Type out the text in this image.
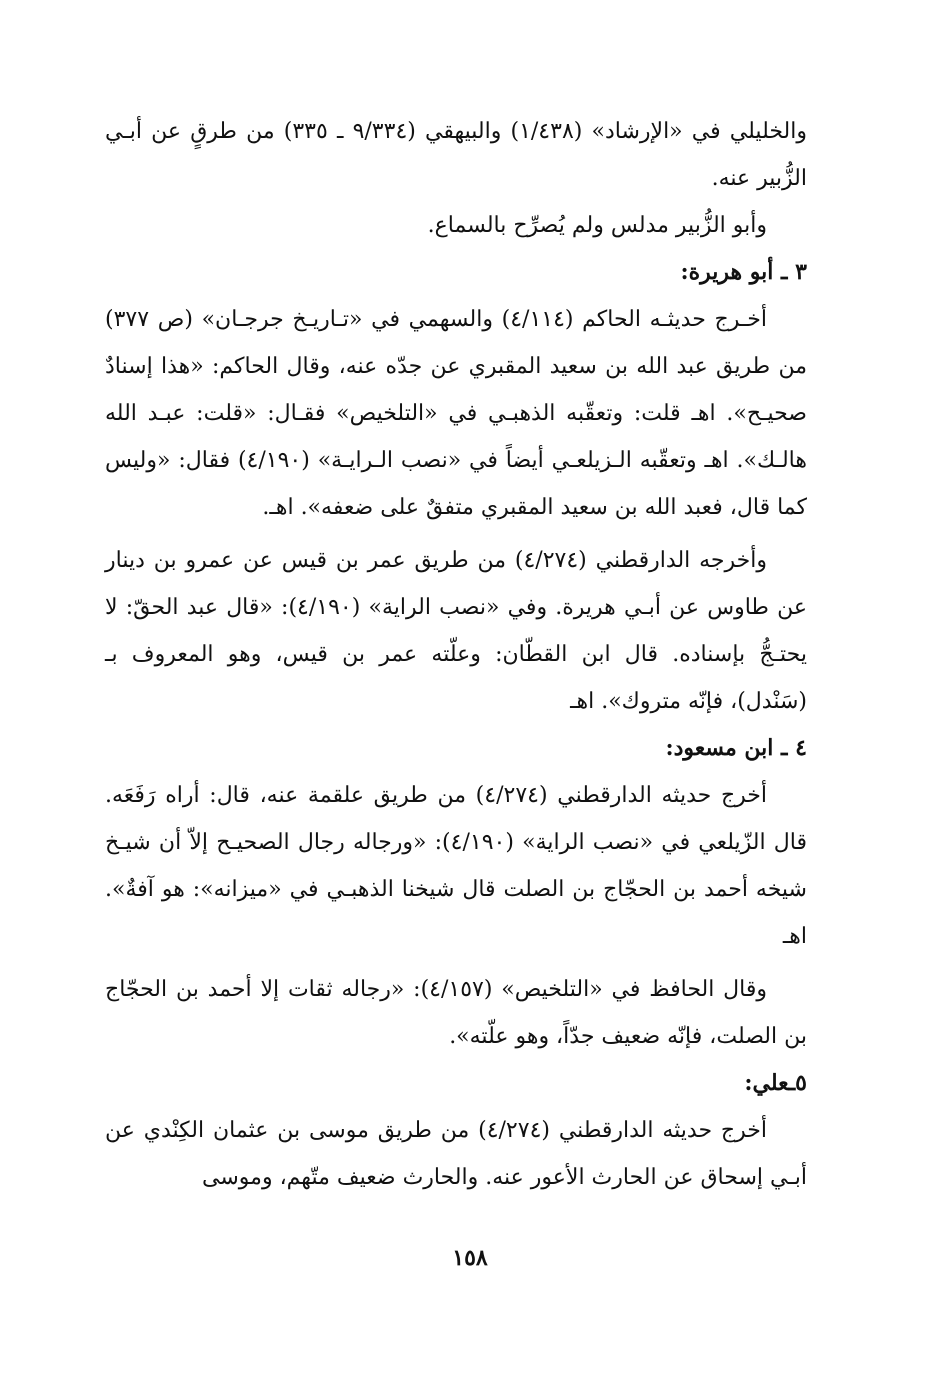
والخليلي في «الإرشاد» (١/٤٣٨) والبيهقي (٩/٣٣٤ ـ ٣٣٥) من طرقٍ عن أبـي الزُّبير عنه.

وأبو الزُّبير مدلس ولم يُصرِّح بالسماع.

٣ ـ أبو هريرة:

أخـرج حديثـه الحاكم (٤/١١٤) والسهمي في «تـاريـخ جرجـان» (ص ٣٧٧) من طريق عبد الله بن سعيد المقبري عن جدّه عنه، وقال الحاكم: «هذا إسنادٌ صحيـح». اهـ قلت: وتعقّبه الذهبـي في «التلخيص» فقـال: «قلت: عبـد الله هالـك». اهـ وتعقّبه الـزيلعـي أيضاً في «نصب الـرايـة» (٤/١٩٠) فقال: «وليس كما قال، فعبد الله بن سعيد المقبري متفقٌ على ضعفه». اهـ.

وأخرجه الدارقطني (٤/٢٧٤) من طريق عمر بن قيس عن عمرو بن دينار عن طاوس عن أبـي هريرة. وفي «نصب الراية» (٤/١٩٠): «قال عبد الحقّ: لا يحتـجُّ بإسناده. قال ابن القطّان: وعلّته عمر بن قيس، وهو المعروف بـ (سَنْدل)، فإنّه متروك». اهـ

٤ ـ ابن مسعود:

أخرج حديثه الدارقطني (٤/٢٧٤) من طريق علقمة عنه، قال: أراه رَفَعَه. قال الزّيلعي في «نصب الراية» (٤/١٩٠): «ورجاله رجال الصحيـح إلاّ أن شيـخ شيخه أحمد بن الحجّاج بن الصلت قال شيخنا الذهبـي في «ميزانه»: هو آفةٌ». اهـ

وقال الحافظ في «التلخيص» (٤/١٥٧): «رجاله ثقات إلا أحمد بن الحجّاج بن الصلت، فإنّه ضعيف جدّاً، وهو علّته».

٥ـعلي:

أخرج حديثه الدارقطني (٤/٢٧٤) من طريق موسى بن عثمان الكِنْدي عن أبـي إسحاق عن الحارث الأعور عنه. والحارث ضعيف متّهم، وموسى

١٥٨
